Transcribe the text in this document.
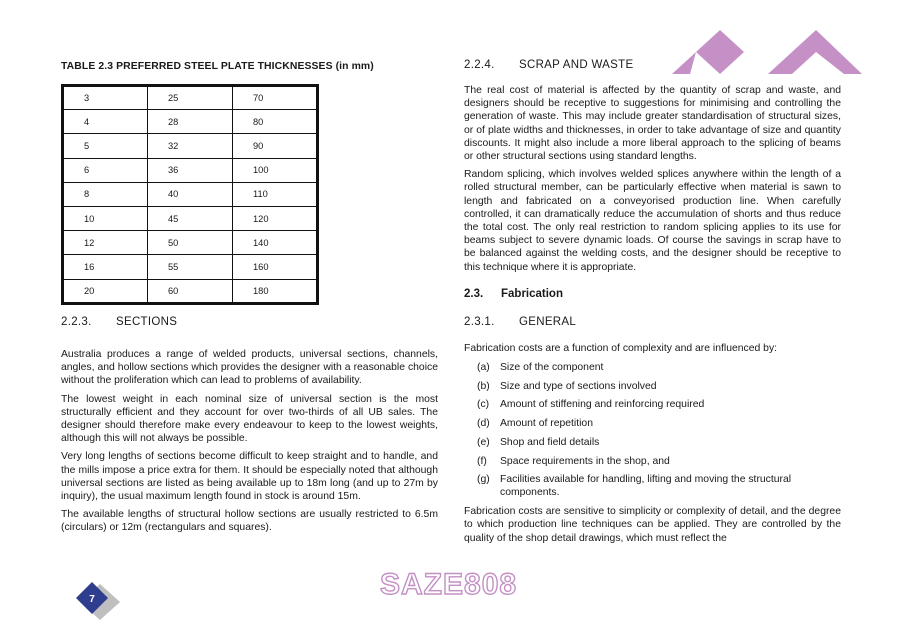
TABLE 2.3 PREFERRED STEEL PLATE THICKNESSES (in mm)
3	25	70
4	28	80
5	32	90
6	36	100
8	40	110
10	45	120
12	50	140
16	55	160
20	60	180
2.2.3. SECTIONS

Australia produces a range of welded products, universal sections, channels, angles, and hollow sections which provides the designer with a reasonable choice without the proliferation which can lead to problems of availability.

The lowest weight in each nominal size of universal section is the most structurally efficient and they account for over two-thirds of all UB sales. The designer should therefore make every endeavour to keep to the lowest weights, although this will not always be possible.

Very long lengths of sections become difficult to keep straight and to handle, and the mills impose a price extra for them. It should be especially noted that although universal sections are listed as being available up to 18m long (and up to 27m by inquiry), the usual maximum length found in stock is around 15m.

The available lengths of structural hollow sections are usually restricted to 6.5m (circulars) or 12m (rectangulars and squares).

2.2.4. SCRAP AND WASTE

The real cost of material is affected by the quantity of scrap and waste, and designers should be receptive to suggestions for minimising and controlling the generation of waste. This may include greater standardisation of structural sizes, or of plate widths and thicknesses, in order to take advantage of size and quantity discounts. It might also include a more liberal approach to the splicing of beams or other structural sections using standard lengths.

Random splicing, which involves welded splices anywhere within the length of a rolled structural member, can be particularly effective when material is sawn to length and fabricated on a conveyorised production line. When carefully controlled, it can dramatically reduce the accumulation of shorts and thus reduce the total cost. The only real restriction to random splicing applies to its use for beams subject to severe dynamic loads. Of course the savings in scrap have to be balanced against the welding costs, and the designer should be receptive to this technique where it is appropriate.

2.3. Fabrication
2.3.1. GENERAL

Fabrication costs are a function of complexity and are influenced by:

(a) Size of the component
(b) Size and type of sections involved
(c)	Amount of stiffening and reinforcing required
(d) Amount of repetition
(e) Shop and field details
(f)	Space requirements in the shop, and
(g) Facilities available for handling, lifting and moving the structural components.

Fabrication costs are sensitive to simplicity or complexity of detail, and the degree to which production line techniques can be applied. They are controlled by the quality of the shop detail drawings, which must reflect the

7	SAZE808
